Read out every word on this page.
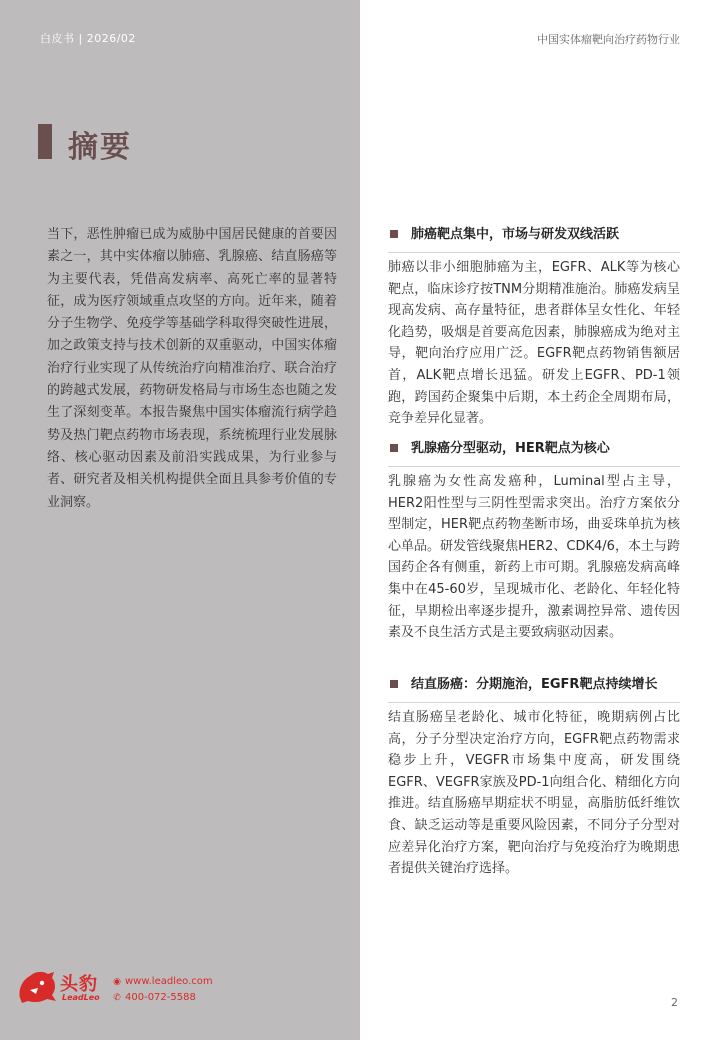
白皮书 | 2026/02	中国实体瘤靶向治疗药物行业
摘要

当下，恶性肿瘤已成为威胁中国居民健康的首要因素之一，其中实体瘤以肺癌、乳腺癌、结直肠癌等为主要代表，凭借高发病率、高死亡率的显著特征，成为医疗领域重点攻坚的方向。近年来，随着分子生物学、免疫学等基础学科取得突破性进展，加之政策支持与技术创新的双重驱动，中国实体瘤治疗行业实现了从传统治疗向精准治疗、联合治疗的跨越式发展，药物研发格局与市场生态也随之发生了深刻变革。本报告聚焦中国实体瘤流行病学趋势及热门靶点药物市场表现，系统梳理行业发展脉络、核心驱动因素及前沿实践成果，为行业参与者、研究者及相关机构提供全面且具参考价值的专业洞察。

肺癌靶点集中，市场与研发双线活跃

肺癌以非小细胞肺癌为主，EGFR、ALK等为核心靶点，临床诊疗按TNM分期精准施治。肺癌发病呈现高发病、高存量特征，患者群体呈女性化、年轻化趋势，吸烟是首要高危因素，肺腺癌成为绝对主导，靶向治疗应用广泛。EGFR靶点药物销售额居首，ALK靶点增长迅猛。研发上EGFR、PD-1领跑，跨国药企聚集中后期，本土药企全周期布局，竞争差异化显著。

乳腺癌分型驱动，HER靶点为核心

乳腺癌为女性高发癌种，Luminal型占主导，HER2阳性型与三阴性型需求突出。治疗方案依分型制定，HER靶点药物垄断市场，曲妥珠单抗为核心单品。研发管线聚焦HER2、CDK4/6，本土与跨国药企各有侧重，新药上市可期。乳腺癌发病高峰集中在45-60岁，呈现城市化、老龄化、年轻化特征，早期检出率逐步提升，激素调控异常、遗传因素及不良生活方式是主要致病驱动因素。

结直肠癌：分期施治，EGFR靶点持续增长

结直肠癌呈老龄化、城市化特征，晚期病例占比高，分子分型决定治疗方向，EGFR靶点药物需求稳步上升，VEGFR市场集中度高，研发围绕EGFR、VEGFR家族及PD-1向组合化、精细化方向推进。结直肠癌早期症状不明显，高脂肪低纤维饮食、缺乏运动等是重要风险因素，不同分子分型对应差异化治疗方案，靶向治疗与免疫治疗为晚期患者提供关键治疗选择。

头豹
LeadLeo
◉ www.leadleo.com
✆ 400-072-5588	2
